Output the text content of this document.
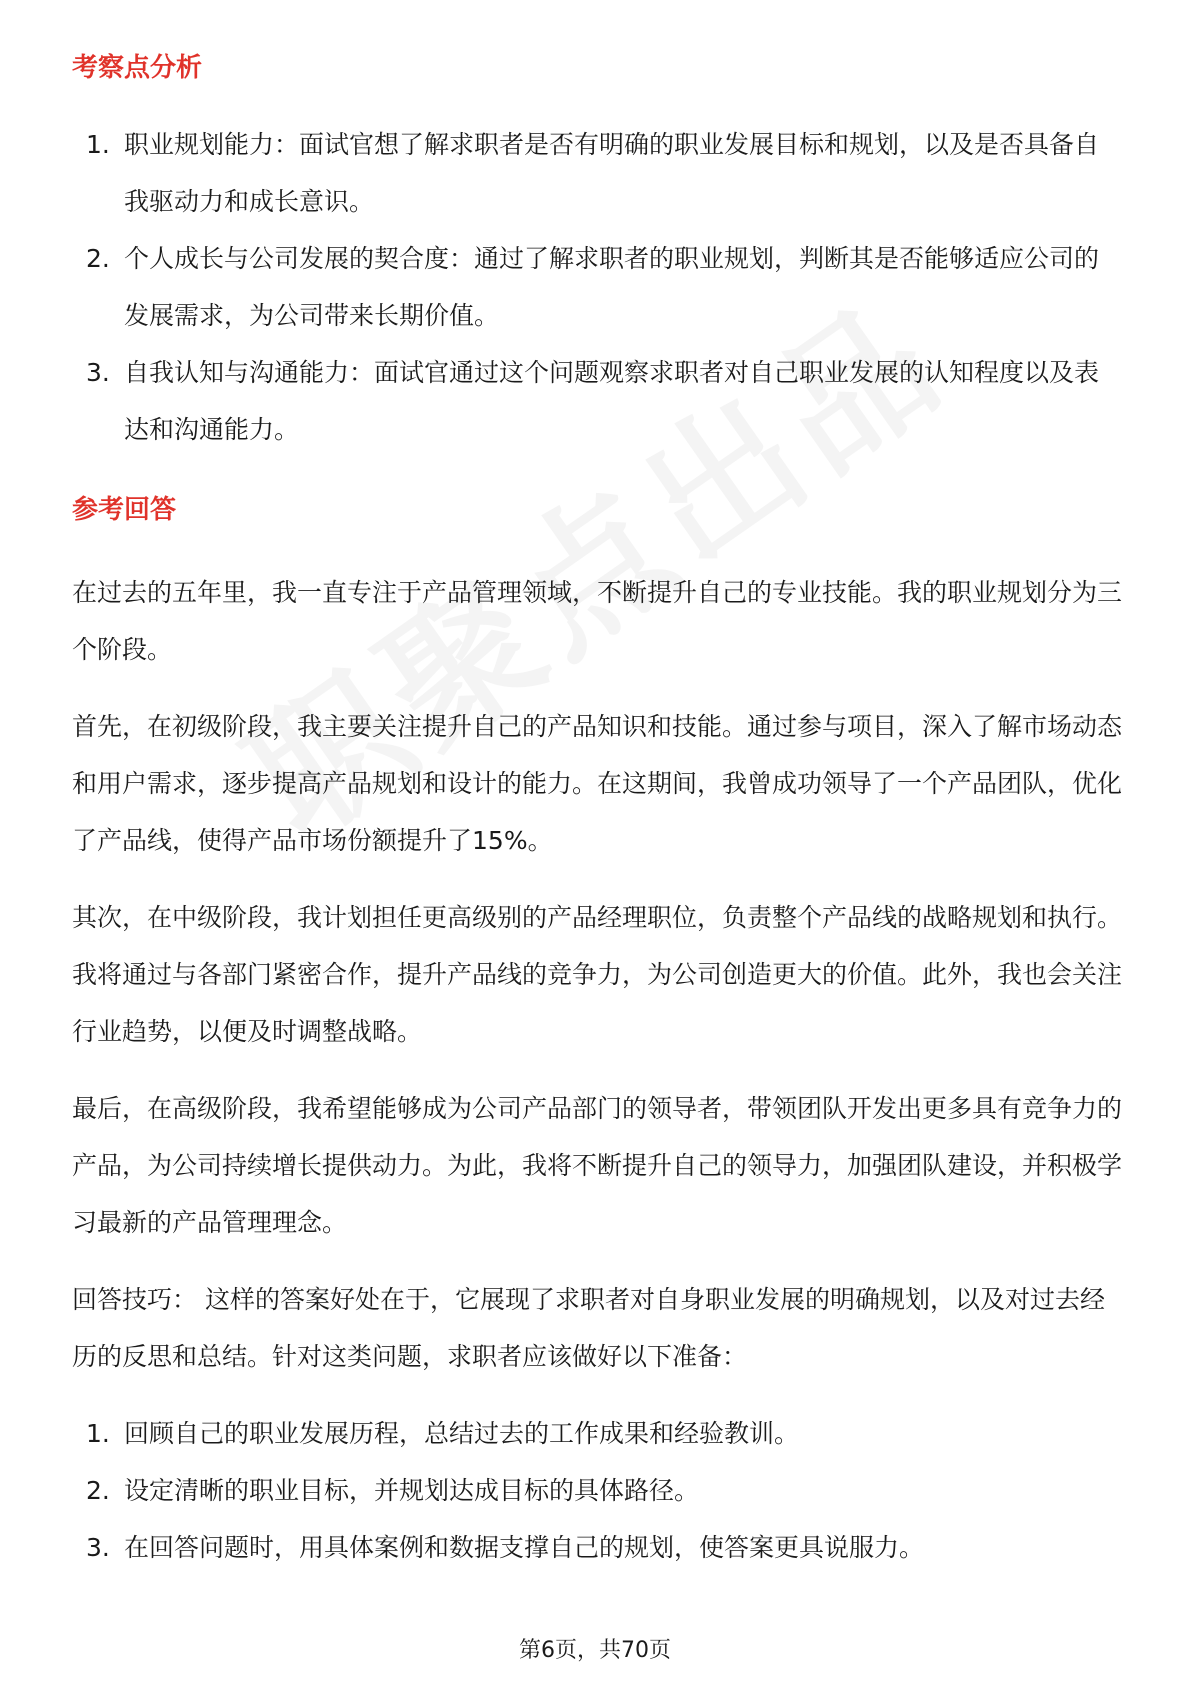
考察点分析
1. 职业规划能力：面试官想了解求职者是否有明确的职业发展目标和规划，以及是否具备自我驱动力和成长意识。
2. 个人成长与公司发展的契合度：通过了解求职者的职业规划，判断其是否能够适应公司的发展需求，为公司带来长期价值。
3. 自我认知与沟通能力：面试官通过这个问题观察求职者对自己职业发展的认知程度以及表达和沟通能力。
参考回答

在过去的五年里，我一直专注于产品管理领域，不断提升自己的专业技能。我的职业规划分为三个阶段。

首先，在初级阶段，我主要关注提升自己的产品知识和技能。通过参与项目，深入了解市场动态和用户需求，逐步提高产品规划和设计的能力。在这期间，我曾成功领导了一个产品团队，优化了产品线，使得产品市场份额提升了15%。

其次，在中级阶段，我计划担任更高级别的产品经理职位，负责整个产品线的战略规划和执行。我将通过与各部门紧密合作，提升产品线的竞争力，为公司创造更大的价值。此外，我也会关注行业趋势，以便及时调整战略。

最后，在高级阶段，我希望能够成为公司产品部门的领导者，带领团队开发出更多具有竞争力的产品，为公司持续增长提供动力。为此，我将不断提升自己的领导力，加强团队建设，并积极学习最新的产品管理理念。

回答技巧： 这样的答案好处在于，它展现了求职者对自身职业发展的明确规划，以及对过去经历的反思和总结。针对这类问题，求职者应该做好以下准备：

1. 回顾自己的职业发展历程，总结过去的工作成果和经验教训。
2. 设定清晰的职业目标，并规划达成目标的具体路径。
3. 在回答问题时，用具体案例和数据支撑自己的规划，使答案更具说服力。
第6页，共70页
